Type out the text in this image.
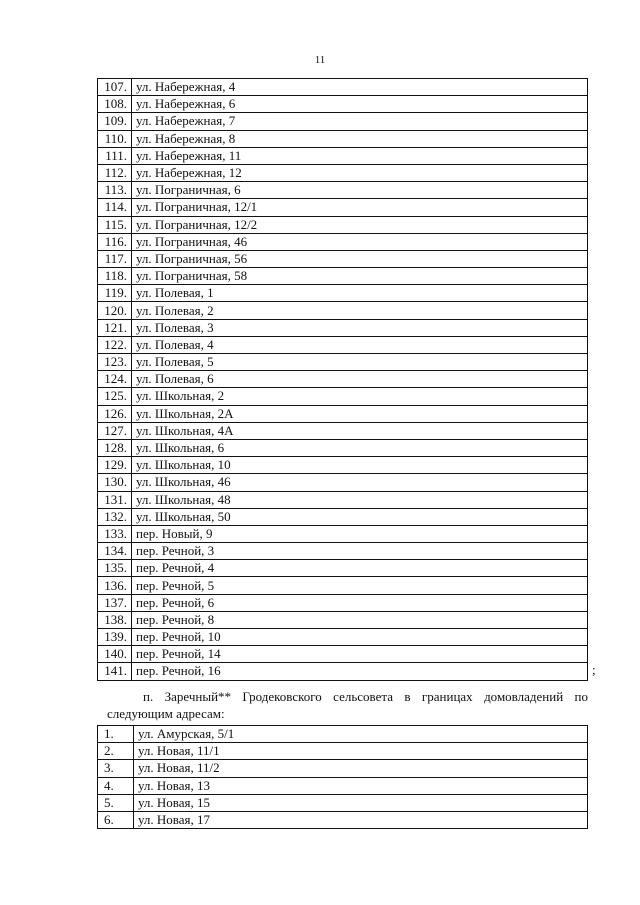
11
107.	ул. Набережная, 4
108.	ул. Набережная, 6
109.	ул. Набережная, 7
110.	ул. Набережная, 8
111.	ул. Набережная, 11
112.	ул. Набережная, 12
113.	ул. Пограничная, 6
114.	ул. Пограничная, 12/1
115.	ул. Пограничная, 12/2
116.	ул. Пограничная, 46
117.	ул. Пограничная, 56
118.	ул. Пограничная, 58
119.	ул. Полевая, 1
120.	ул. Полевая, 2
121.	ул. Полевая, 3
122.	ул. Полевая, 4
123.	ул. Полевая, 5
124.	ул. Полевая, 6
125.	ул. Школьная, 2
126.	ул. Школьная, 2А
127.	ул. Школьная, 4А
128.	ул. Школьная, 6
129.	ул. Школьная, 10
130.	ул. Школьная, 46
131.	ул. Школьная, 48
132.	ул. Школьная, 50
133.	пер. Новый, 9
134.	пер. Речной, 3
135.	пер. Речной, 4
136.	пер. Речной, 5
137.	пер. Речной, 6
138.	пер. Речной, 8
139.	пер. Речной, 10
140.	пер. Речной, 14
141.	пер. Речной, 16	;
п. Заречный** Гродековского сельсовета в границах домовладений по
следующим адресам:
1.	ул. Амурская, 5/1
2.	ул. Новая, 11/1
3.	ул. Новая, 11/2
4.	ул. Новая, 13
5.	ул. Новая, 15
6.	ул. Новая, 17
